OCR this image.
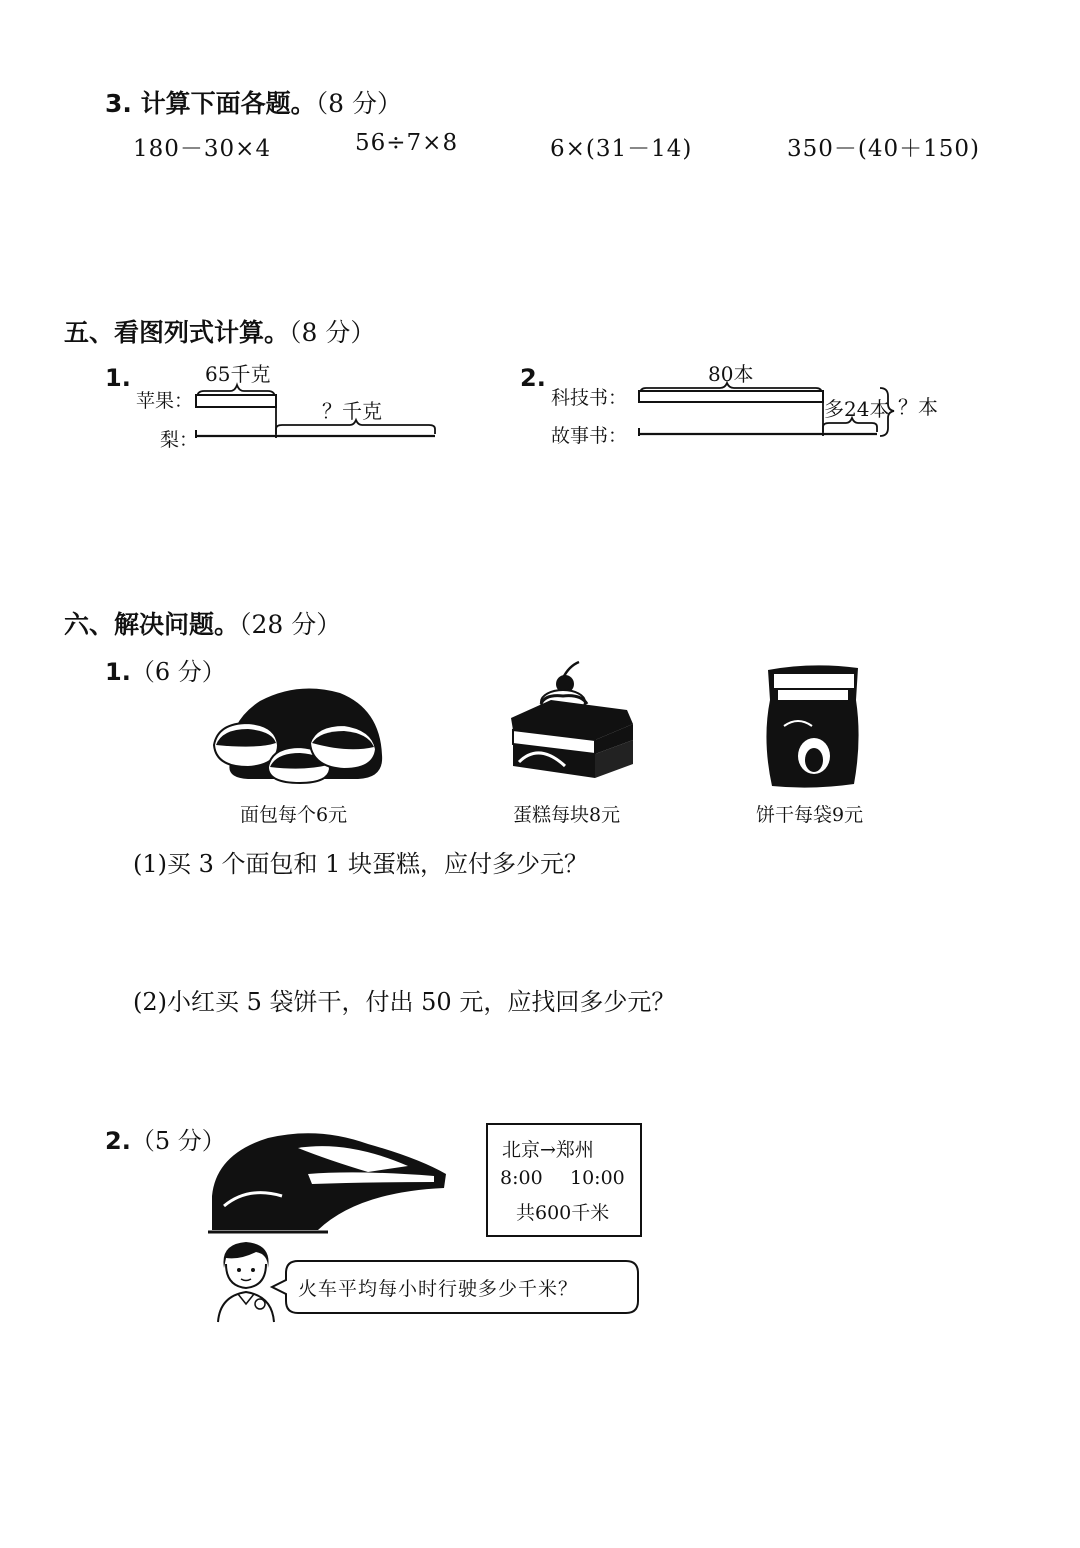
3. 计算下面各题。（8 分）
180－30×4	56÷7×8	6×(31－14)	350－(40＋150)
五、看图列式计算。（8 分）
1.
苹果：
梨：
65千克
？千克
2.
科技书：
故事书：
80本
多24本 ？本
六、解决问题。（28 分）
1.（6 分）
面包每个6元	蛋糕每块8元	饼干每袋9元
(1)买 3 个面包和 1 块蛋糕，应付多少元？
(2)小红买 5 袋饼干，付出 50 元，应找回多少元？
2.（5 分）	北京→郑州
8:00 10:00
共600千米
火车平均每小时行驶多少千米？
